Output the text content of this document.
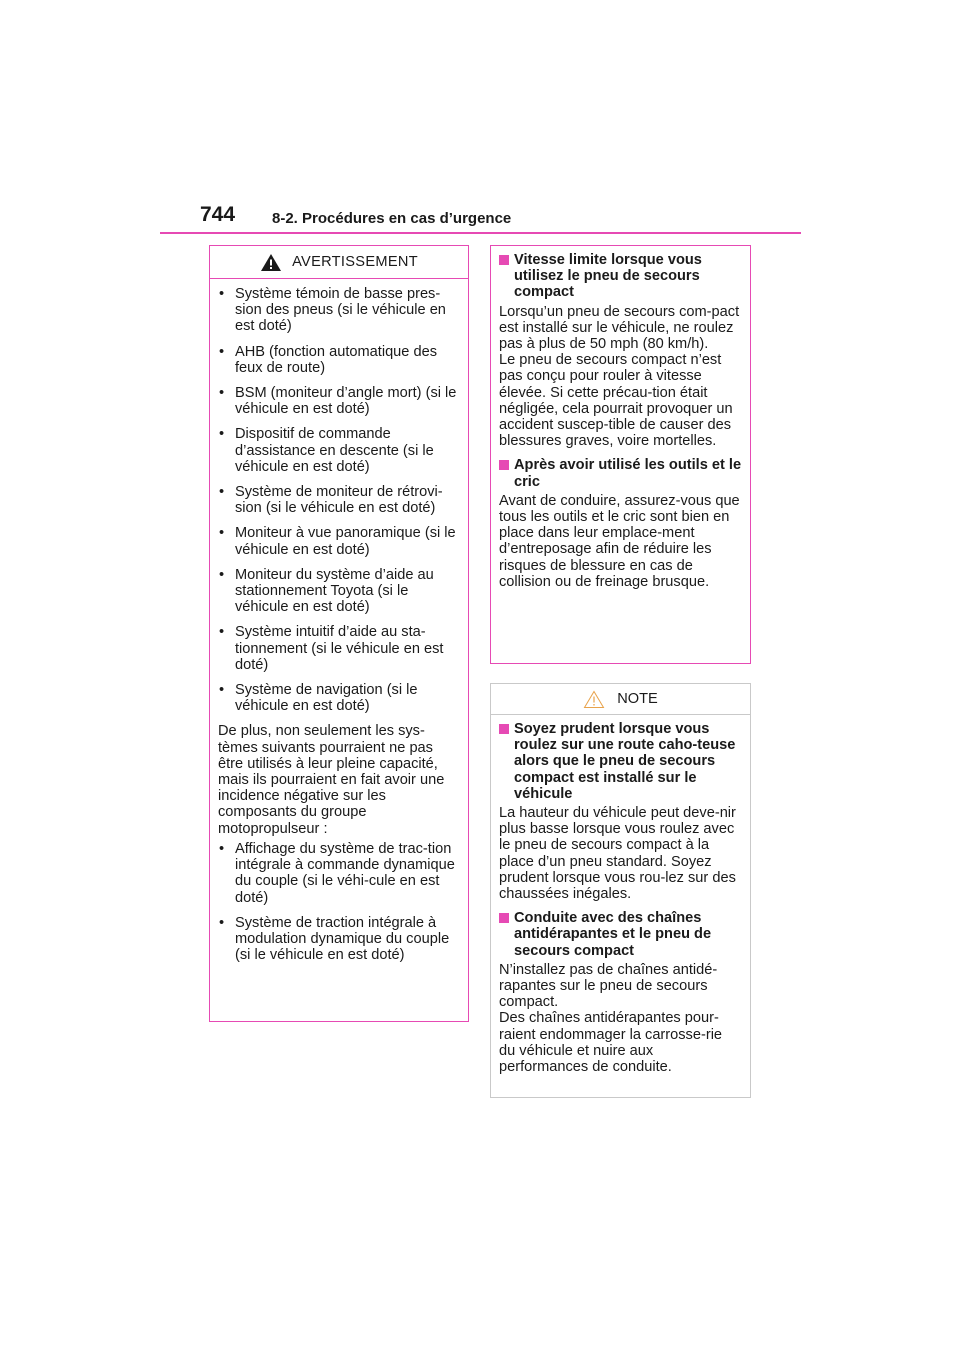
744 8-2. Procédures en cas d’urgence
AVERTISSEMENT
• Système témoin de basse pres-sion des pneus (si le véhicule en est doté)
• AHB (fonction automatique des feux de route)
• BSM (moniteur d’angle mort) (si le véhicule en est doté)
• Dispositif de commande d’assistance en descente (si le véhicule en est doté)
• Système de moniteur de rétrovi-sion (si le véhicule en est doté)
• Moniteur à vue panoramique (si le véhicule en est doté)
• Moniteur du système d’aide au stationnement Toyota (si le véhicule en est doté)
• Système intuitif d’aide au sta-tionnement (si le véhicule en est doté)
• Système de navigation (si le véhicule en est doté)

De plus, non seulement les sys-tèmes suivants pourraient ne pas être utilisés à leur pleine capacité, mais ils pourraient en fait avoir une incidence négative sur les composants du groupe motopropulseur :

• Affichage du système de trac-tion intégrale à commande dynamique du couple (si le véhi-cule en est doté)
• Système de traction intégrale à modulation dynamique du couple (si le véhicule en est doté)
Vitesse limite lorsque vous utilisez le pneu de secours compact

Lorsqu’un pneu de secours com-pact est installé sur le véhicule, ne roulez pas à plus de 50 mph (80 km/h).

Le pneu de secours compact n’est pas conçu pour rouler à vitesse élevée. Si cette précau-tion était négligée, cela pourrait provoquer un accident suscep-tible de causer des blessures graves, voire mortelles.

Après avoir utilisé les outils et le cric

Avant de conduire, assurez-vous que tous les outils et le cric sont bien en place dans leur emplace-ment d’entreposage afin de réduire les risques de blessure en cas de collision ou de freinage brusque.

NOTE
Soyez prudent lorsque vous roulez sur une route caho-teuse alors que le pneu de secours compact est installé sur le véhicule

La hauteur du véhicule peut deve-nir plus basse lorsque vous roulez avec le pneu de secours compact à la place d’un pneu standard. Soyez prudent lorsque vous rou-lez sur des chaussées inégales.

Conduite avec des chaînes antidérapantes et le pneu de secours compact

N’installez pas de chaînes antidé-rapantes sur le pneu de secours compact.

Des chaînes antidérapantes pour-raient endommager la carrosse-rie du véhicule et nuire aux performances de conduite.
